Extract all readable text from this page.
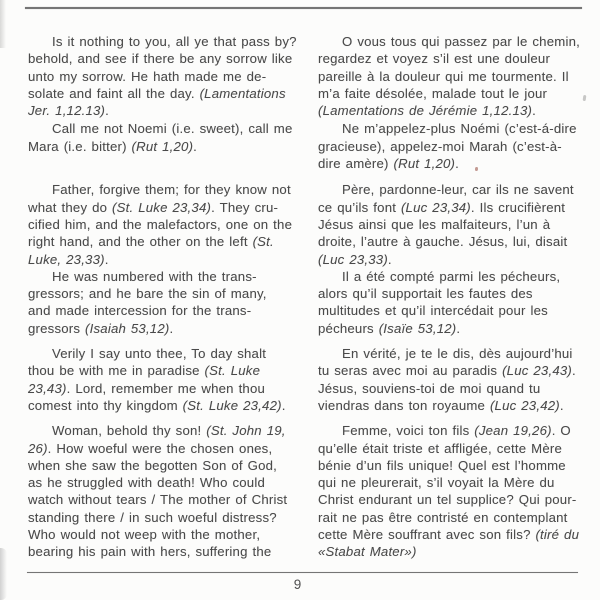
Is it nothing to you, all ye that pass by?
behold, and see if there be any sorrow like
unto my sorrow. He hath made me de-
solate and faint all the day. (Lamentations
Jer. 1,12.13).
O vous tous qui passez par le chemin,
regardez et voyez s’il est une douleur
pareille à la douleur qui me tourmente. Il
m’a faite désolée, malade tout le jour
(Lamentations de Jérémie 1,12.13).
Call me not Noemi (i.e. sweet), call me
Mara (i.e. bitter) (Rut 1,20).
Ne m’appelez-plus Noémi (c’est-á-dire
gracieuse), appelez-moi Marah (c’est-à-
dire amère) (Rut 1,20).
Father, forgive them; for they know not
what they do (St. Luke 23,34). They cru-
cified him, and the malefactors, one on the
right hand, and the other on the left (St.
Luke, 23,33).
Père, pardonne-leur, car ils ne savent
ce qu’ils font (Luc 23,34). Ils crucifièrent
Jésus ainsi que les malfaiteurs, l’un à
droite, l’autre à gauche. Jésus, lui, disait
(Luc 23,33).
He was numbered with the trans-
gressors; and he bare the sin of many,
and made intercession for the trans-
gressors (Isaiah 53,12).
Il a été compté parmi les pécheurs,
alors qu’il supportait les fautes des
multitudes et qu’il intercédait pour les
pécheurs (Isaïe 53,12).
Verily I say unto thee, To day shalt
thou be with me in paradise (St. Luke
23,43). Lord, remember me when thou
comest into thy kingdom (St. Luke 23,42).
En vérité, je te le dis, dès aujourd’hui
tu seras avec moi au paradis (Luc 23,43).
Jésus, souviens-toi de moi quand tu
viendras dans ton royaume (Luc 23,42).
Woman, behold thy son! (St. John 19,
26). How woeful were the chosen ones,
when she saw the begotten Son of God,
as he struggled with death! Who could
watch without tears / The mother of Christ
standing there / in such woeful distress?
Who would not weep with the mother,
bearing his pain with hers, suffering the
Femme, voici ton fils (Jean 19,26). O
qu’elle était triste et affligée, cette Mère
bénie d’un fils unique! Quel est l’homme
qui ne pleurerait, s’il voyait la Mère du
Christ endurant un tel supplice? Qui pour-
rait ne pas être contristé en contemplant
cette Mère souffrant avec son fils? (tiré du
«Stabat Mater»)
9
